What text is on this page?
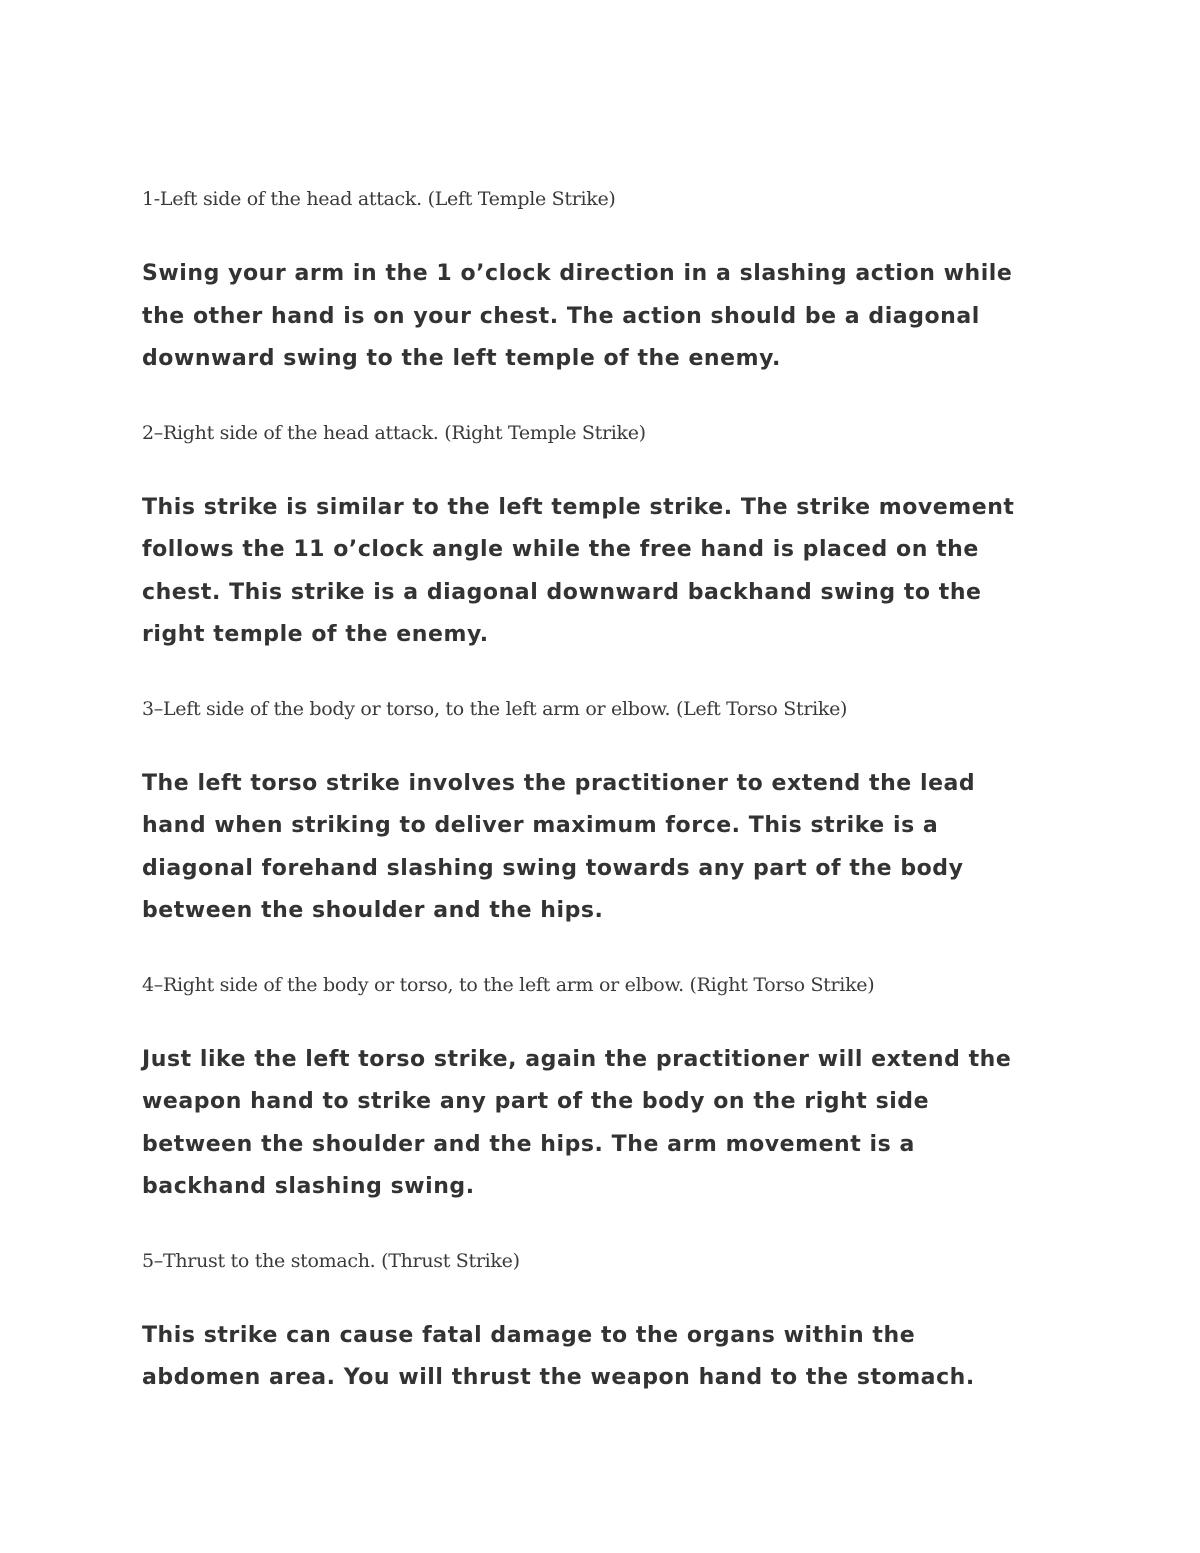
1-Left side of the head attack. (Left Temple Strike)

Swing your arm in the 1 o’clock direction in a slashing action while

the other hand is on your chest. The action should be a diagonal

downward swing to the left temple of the enemy.

2–Right side of the head attack. (Right Temple Strike)

This strike is similar to the left temple strike. The strike movement

follows the 11 o’clock angle while the free hand is placed on the

chest. This strike is a diagonal downward backhand swing to the

right temple of the enemy.

3–Left side of the body or torso, to the left arm or elbow. (Left Torso Strike)

The left torso strike involves the practitioner to extend the lead

hand when striking to deliver maximum force. This strike is a

diagonal forehand slashing swing towards any part of the body

between the shoulder and the hips.

4–Right side of the body or torso, to the left arm or elbow. (Right Torso Strike)

Just like the left torso strike, again the practitioner will extend the

weapon hand to strike any part of the body on the right side

between the shoulder and the hips. The arm movement is a

backhand slashing swing.

5–Thrust to the stomach. (Thrust Strike)

This strike can cause fatal damage to the organs within the

abdomen area. You will thrust the weapon hand to the stomach.
